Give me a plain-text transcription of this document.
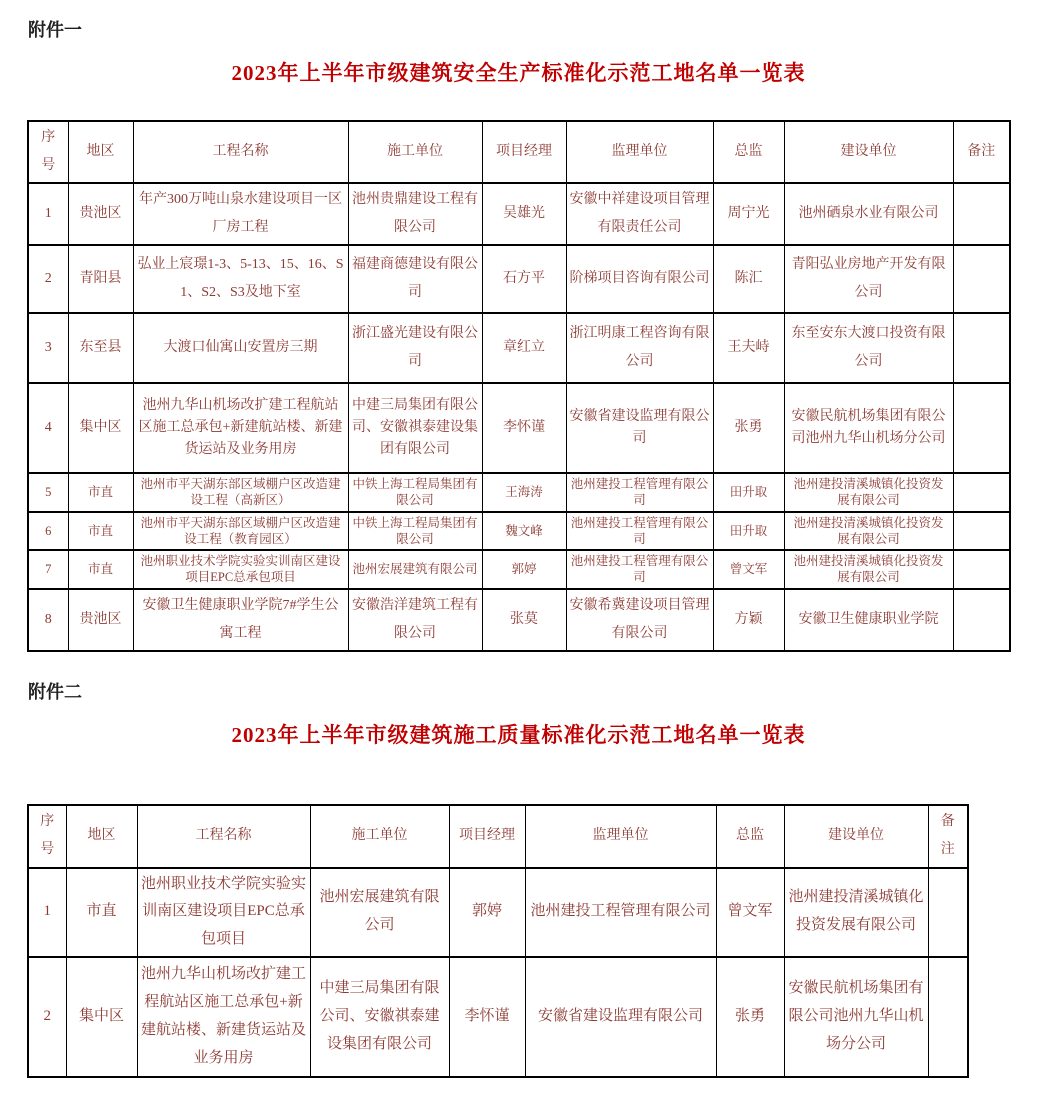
附件一
2023年上半年市级建筑安全生产标准化示范工地名单一览表
序号	地区	工程名称	施工单位	项目经理	监理单位	总监	建设单位	备注
1	贵池区	年产300万吨山泉水建设项目一区厂房工程	池州贵鼎建设工程有限公司	吴雄光	安徽中祥建设项目管理有限责任公司	周宁光	池州硒泉水业有限公司	
2	青阳县	弘业上宸璟1-3、5-13、15、16、S1、S2、S3及地下室	福建商德建设有限公司	石方平	阶梯项目咨询有限公司	陈汇	青阳弘业房地产开发有限公司	
3	东至县	大渡口仙寓山安置房三期	浙江盛光建设有限公司	章红立	浙江明康工程咨询有限公司	王夫峙	东至安东大渡口投资有限公司	
4	集中区	池州九华山机场改扩建工程航站区施工总承包+新建航站楼、新建货运站及业务用房	中建三局集团有限公司、安徽祺泰建设集团有限公司	李怀谨	安徽省建设监理有限公司	张勇	安徽民航机场集团有限公司池州九华山机场分公司	
5	市直	池州市平天湖东部区域棚户区改造建设工程（高新区）	中铁上海工程局集团有限公司	王海涛	池州建投工程管理有限公司	田升取	池州建投清溪城镇化投资发展有限公司	
6	市直	池州市平天湖东部区域棚户区改造建设工程（教育园区）	中铁上海工程局集团有限公司	魏文峰	池州建投工程管理有限公司	田升取	池州建投清溪城镇化投资发展有限公司	
7	市直	池州职业技术学院实验实训南区建设项目EPC总承包项目	池州宏展建筑有限公司	郭婷	池州建投工程管理有限公司	曾文军	池州建投清溪城镇化投资发展有限公司	
8	贵池区	安徽卫生健康职业学院7#学生公寓工程	安徽浩洋建筑工程有限公司	张莫	安徽希冀建设项目管理有限公司	方颖	安徽卫生健康职业学院	
附件二
2023年上半年市级建筑施工质量标准化示范工地名单一览表
序号	地区	工程名称	施工单位	项目经理	监理单位	总监	建设单位	备注
1	市直	池州职业技术学院实验实训南区建设项目EPC总承包项目	池州宏展建筑有限公司	郭婷	池州建投工程管理有限公司	曾文军	池州建投清溪城镇化投资发展有限公司	
2	集中区	池州九华山机场改扩建工程航站区施工总承包+新建航站楼、新建货运站及业务用房	中建三局集团有限公司、安徽祺泰建设集团有限公司	李怀谨	安徽省建设监理有限公司	张勇	安徽民航机场集团有限公司池州九华山机场分公司	
